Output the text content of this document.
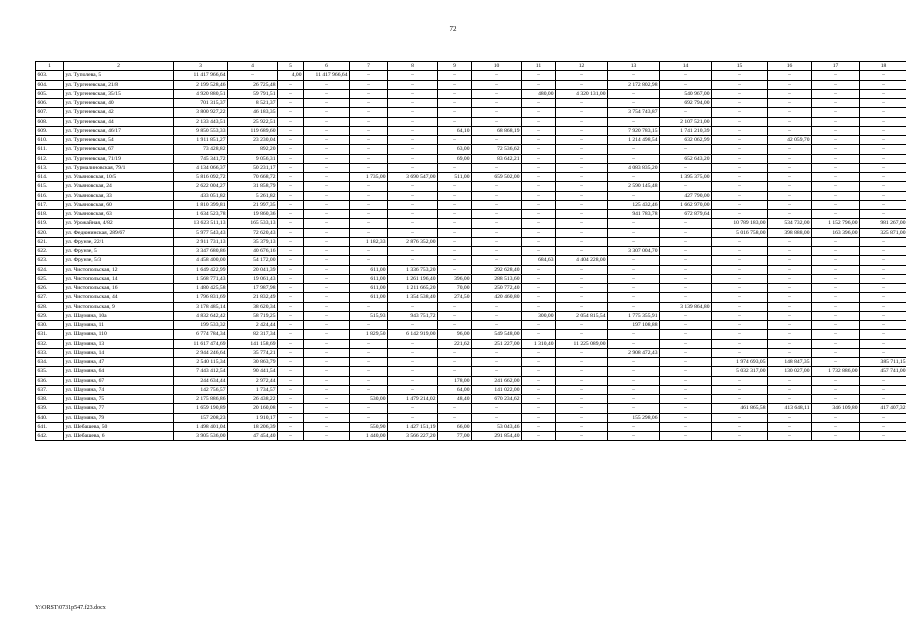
72
1	2	3	4	5	6	7	8	9	10	11	12	13	14	15	16	17	18
603.	ул. Туполева, 5	11 417 966,64	–	4,00	11 417 966,64	–	–	–	–	–	–	–	–	–	–	–	–
604.	ул. Тургеневская, 21/8	2 199 528,46	26 725,48	–	–	–	–	–	–	–	–	2 172 802,98	–	–	–	–	–
605.	ул. Тургеневская, 35/15	4 920 880,51	59 791,51	–	–	–	–	–	–	480,00	4 320 131,00	–	540 967,00	–	–	–	–
606.	ул. Тургеневская, 40	701 315,37	8 521,37	–	–	–	–	–	–	–	–	–	692 794,00	–	–	–	–
607.	ул. Тургеневская, 42	3 800 927,22	46 183,35	–	–	–	–	–	–	–	–	3 754 743,87	–	–	–	–	–
608.	ул. Тургеневская, 44	2 133 443,51	25 922,51	–	–	–	–	–	–	–	–	–	2 107 521,00	–	–	–	–
609.	ул. Тургеневская, 46/17	9 850 553,33	119 689,60	–	–	–	–	64,10	68 868,19	–	–	7 920 783,15	1 741 210,39	–	–	–	–
610.	ул. Тургеневская, 54	1 911 851,27	23 230,04	–	–	–	–	–	–	–	–	1 214 498,54	632 062,99	–	42 059,70	–	–
611.	ул. Тургеневская, 67	73 428,82	892,20	–	–	–	–	63,00	72 536,62	–	–	–	–	–	–	–	–
612.	ул. Тургеневская, 71/19	745 341,72	9 056,31	–	–	–	–	69,00	83 642,21	–	–	–	652 643,20	–	–	–	–
613.	ул. Турмалиновская, 79/1	4 134 066,37	50 231,17	–	–	–	–	–	–	–	–	4 083 835,20	–	–	–	–	–
614.	ул. Ульяновская, 10/5	5 816 092,72	70 668,72	–	–	1 735,00	3 690 547,00	511,00	659 502,00	–	–	–	1 395 375,00	–	–	–	–
615.	ул. Ульяновская, 24	2 622 004,27	31 858,79	–	–	–	–	–	–	–	–	2 590 145,48	–	–	–	–	–
616.	ул. Ульяновская, 33	433 051,82	5 261,82	–	–	–	–	–	–	–	–	–	427 790,00	–	–	–	–
617.	ул. Ульяновская, 60	1 810 399,81	21 997,35	–	–	–	–	–	–	–	–	125 432,46	1 662 970,00	–	–	–	–
618.	ул. Ульяновская, 63	1 634 523,78	19 860,36	–	–	–	–	–	–	–	–	941 783,78	672 879,64	–	–	–	–
619.	ул. Урожайная, 4/82	13 623 511,13	165 533,13	–	–	–	–	–	–	–	–	–	–	10 789 183,00	534 732,00	1 152 796,00	981 267,00
620.	ул. Федюнинская, 289/67	5 977 543,43	72 620,43	–	–	–	–	–	–	–	–	–	–	5 016 758,00	398 888,00	163 396,00	325 871,00
621.	ул. Фрунзе, 22/1	2 911 731,13	35 379,13	–	–	1 182,33	2 876 352,00	–	–	–	–	–	–	–	–	–	–
622.	ул. Фрунзе, 5	3 347 680,86	40 676,16	–	–	–	–	–	–	–	–	3 307 004,70	–	–	–	–	–
623.	ул. Фрунзе, 5/3	4 458 400,00	54 172,00	–	–	–	–	–	–	684,63	4 404 228,00	–	–	–	–	–	–
624.	ул. Чистопольская, 12	1 649 422,99	20 041,39	–	–	611,00	1 336 753,20	–	292 628,40	–	–	–	–	–	–	–	–
625.	ул. Чистопольская, 14	1 568 771,43	19 061,43	–	–	611,00	1 261 196,40	396,00	288 513,60	–	–	–	–	–	–	–	–
626.	ул. Чистопольская, 16	1 480 425,58	17 987,98	–	–	611,00	1 211 665,20	70,00	250 772,40	–	–	–	–	–	–	–	–
627.	ул. Чистопольская, 44	1 796 831,69	21 832,49	–	–	611,00	1 354 538,40	274,50	420 460,80	–	–	–	–	–	–	–	–
628.	ул. Чистопольская, 9	3 178 485,14	38 620,34	–	–	–	–	–	–	–	–	–	3 139 864,80	–	–	–	–
629.	ул. Шаумяна, 10а	4 832 642,42	58 719,25	–	–	515,93	943 751,72	–	–	300,00	2 054 815,54	1 775 355,91	–	–	–	–	–
630.	ул. Шаумяна, 11	199 533,32	2 424,44	–	–	–	–	–	–	–	–	197 108,88	–	–	–	–	–
631.	ул. Шаумяна, 110	6 774 784,34	82 317,34	–	–	1 829,50	6 142 919,00	96,00	549 548,00	–	–	–	–	–	–	–	–
632.	ул. Шаумяна, 13	11 617 474,69	141 158,69	–	–	–	–	221,62	251 227,00	1 310,40	11 225 089,00	–	–	–	–	–	–
633.	ул. Шаумяна, 14	2 944 246,64	35 774,21	–	–	–	–	–	–	–	–	2 908 472,43	–	–	–	–	–
634.	ул. Шаумяна, 47	2 540 115,34	30 863,79	–	–	–	–	–	–	–	–	–	–	1 974 693,05	148 847,35	–	385 711,15
635.	ул. Шаумяна, 64	7 443 412,54	90 441,54	–	–	–	–	–	–	–	–	–	–	5 032 317,00	130 027,00	1 732 886,00	457 741,00
636.	ул. Шаумяна, 67	244 634,44	2 972,44	–	–	–	–	178,00	241 662,00	–	–	–	–	–	–	–	–
637.	ул. Шаумяна, 74	142 756,57	1 734,57	–	–	–	–	64,00	141 022,00	–	–	–	–	–	–	–	–
638.	ул. Шаумяна, 75	2 175 886,86	26 438,22	–	–	530,00	1 479 214,02	48,40	670 234,62	–	–	–	–	–	–	–	–
639.	ул. Шаумяна, 77	1 659 190,89	20 160,08	–	–	–	–	–	–	–	–	–	–	461 865,58	413 648,11	346 109,80	417 407,32
640.	ул. Шаумяна, 79	157 208,23	1 910,17	–	–	–	–	–	–	–	–	155 298,06	–	–	–	–	–
641.	ул. Шебашева, 50	1 498 401,04	18 206,39	–	–	550,90	1 427 151,19	66,00	53 043,46	–	–	–	–	–	–	–	–
642.	ул. Шебашева, 6	3 905 536,00	47 454,40	–	–	1 440,00	3 566 227,20	77,00	291 854,40	–	–	–	–	–	–	–	–
Y:\ORST\0731p547.f23.docx
